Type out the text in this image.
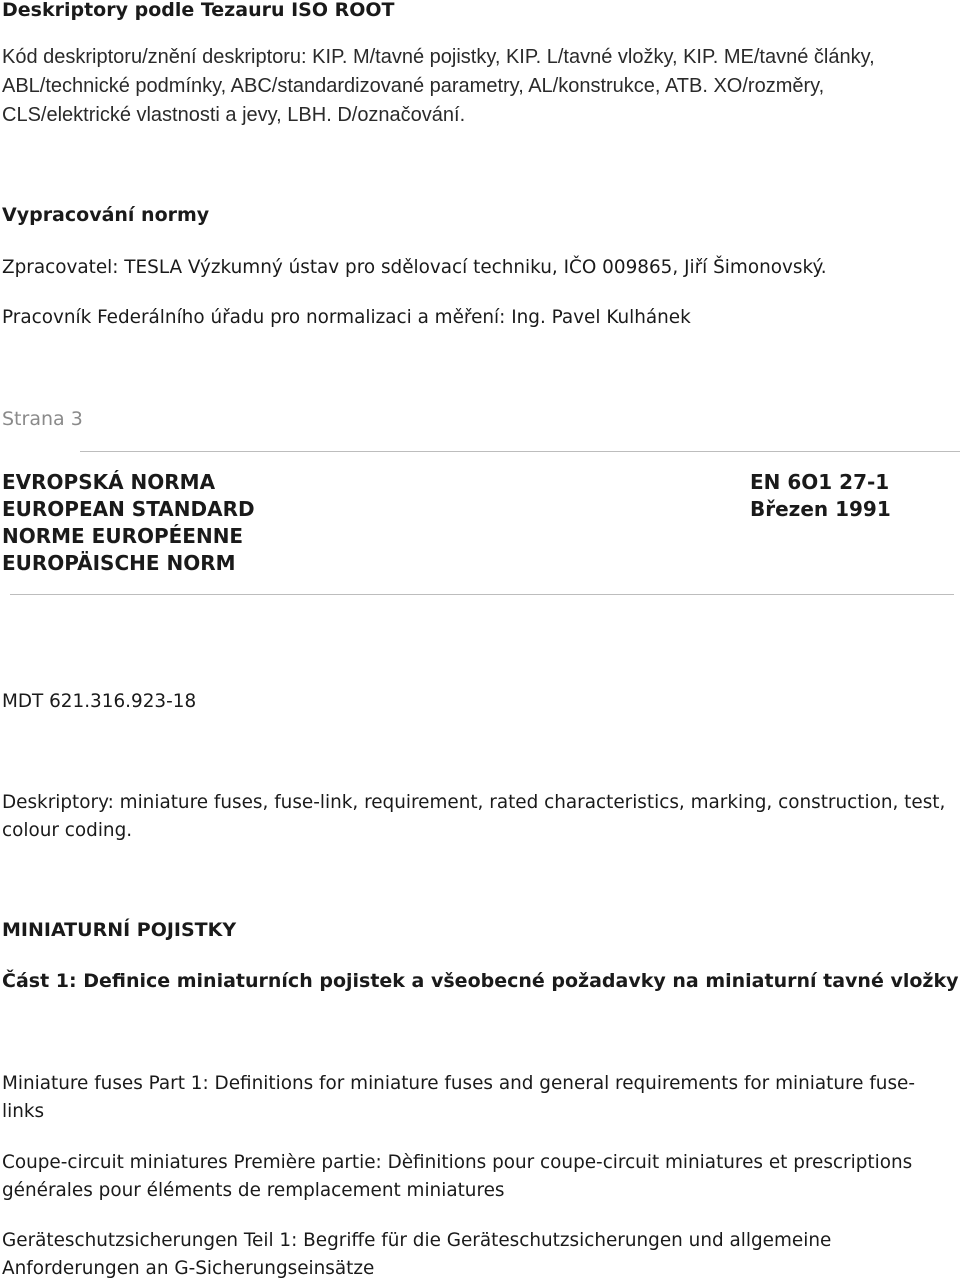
Deskriptory podle Tezauru ISO ROOT

Kód deskriptoru/znění deskriptoru: KIP. M/tavné pojistky, KIP. L/tavné vložky, KIP. ME/tavné články, ABL/technické podmínky, ABC/standardizované parametry, AL/konstrukce, ATB. XO/rozměry, CLS/elektrické vlastnosti a jevy, LBH. D/označování.

Vypracování normy

Zpracovatel: TESLA Výzkumný ústav pro sdělovací techniku, IČO 009865, Jiří Šimonovský.

Pracovník Federálního úřadu pro normalizaci a měření: Ing. Pavel Kulhánek

Strana 3
EVROPSKÁ NORMA
EUROPEAN STANDARD
NORME EUROPÉENNE
EUROPÄISCHE NORM
EN 6O1 27-1
Březen 1991

MDT 621.316.923-18

Deskriptory: miniature fuses, fuse-link, requirement, rated characteristics, marking, construction, test, colour coding.

MINIATURNÍ POJISTKY
Část 1: Definice miniaturních pojistek a všeobecné požadavky na miniaturní tavné vložky

Miniature fuses Part 1: Definitions for miniature fuses and general requirements for miniature fuse-links

Coupe-circuit miniatures Première partie: Dèfinitions pour coupe-circuit miniatures et prescriptions générales pour éléments de remplacement miniatures

Geräteschutzsicherungen Teil 1: Begriffe für die Geräteschutzsicherungen und allgemeine Anforderungen an G-Sicherungseinsätze
